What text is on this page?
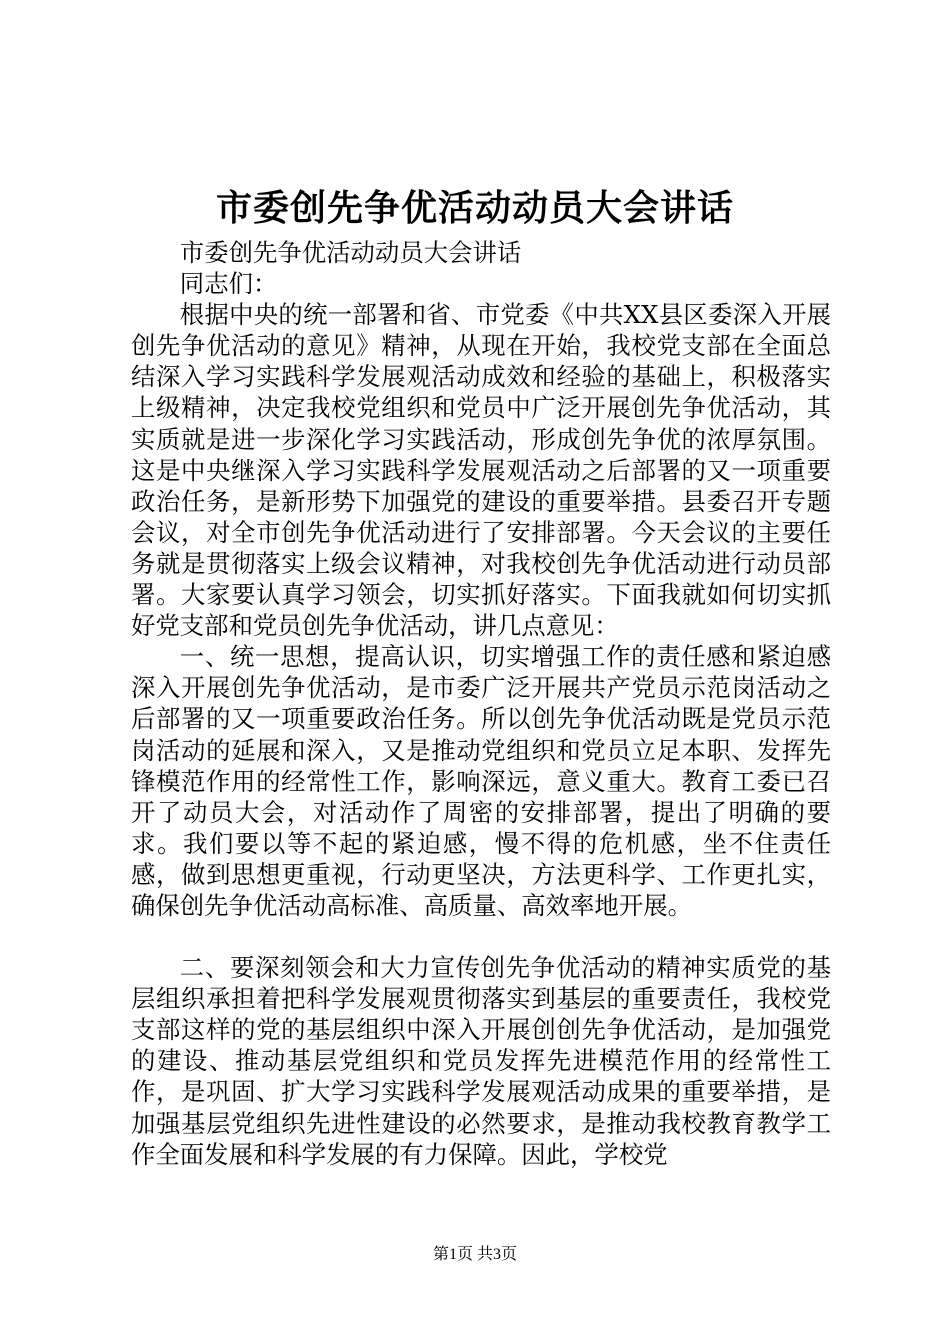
市委创先争优活动动员大会讲话

市委创先争优活动动员大会讲话

同志们：

根据中央的统一部署和省、市党委《中共XX县区委深入开展创先争优活动的意见》精神，从现在开始，我校党支部在全面总结深入学习实践科学发展观活动成效和经验的基础上，积极落实上级精神，决定我校党组织和党员中广泛开展创先争优活动，其实质就是进一步深化学习实践活动，形成创先争优的浓厚氛围。这是中央继深入学习实践科学发展观活动之后部署的又一项重要政治任务，是新形势下加强党的建设的重要举措。县委召开专题会议，对全市创先争优活动进行了安排部署。今天会议的主要任务就是贯彻落实上级会议精神，对我校创先争优活动进行动员部署。大家要认真学习领会，切实抓好落实。下面我就如何切实抓好党支部和党员创先争优活动，讲几点意见：

一、统一思想，提高认识，切实增强工作的责任感和紧迫感深入开展创先争优活动，是市委广泛开展共产党员示范岗活动之后部署的又一项重要政治任务。所以创先争优活动既是党员示范岗活动的延展和深入，又是推动党组织和党员立足本职、发挥先锋模范作用的经常性工作，影响深远，意义重大。教育工委已召开了动员大会，对活动作了周密的安排部署，提出了明确的要求。我们要以等不起的紧迫感，慢不得的危机感，坐不住责任感，做到思想更重视，行动更坚决，方法更科学、工作更扎实，确保创先争优活动高标准、高质量、高效率地开展。

二、要深刻领会和大力宣传创先争优活动的精神实质党的基层组织承担着把科学发展观贯彻落实到基层的重要责任，我校党支部这样的党的基层组织中深入开展创创先争优活动，是加强党的建设、推动基层党组织和党员发挥先进模范作用的经常性工作，是巩固、扩大学习实践科学发展观活动成果的重要举措，是加强基层党组织先进性建设的必然要求，是推动我校教育教学工作全面发展和科学发展的有力保障。因此，学校党

第1页 共3页
